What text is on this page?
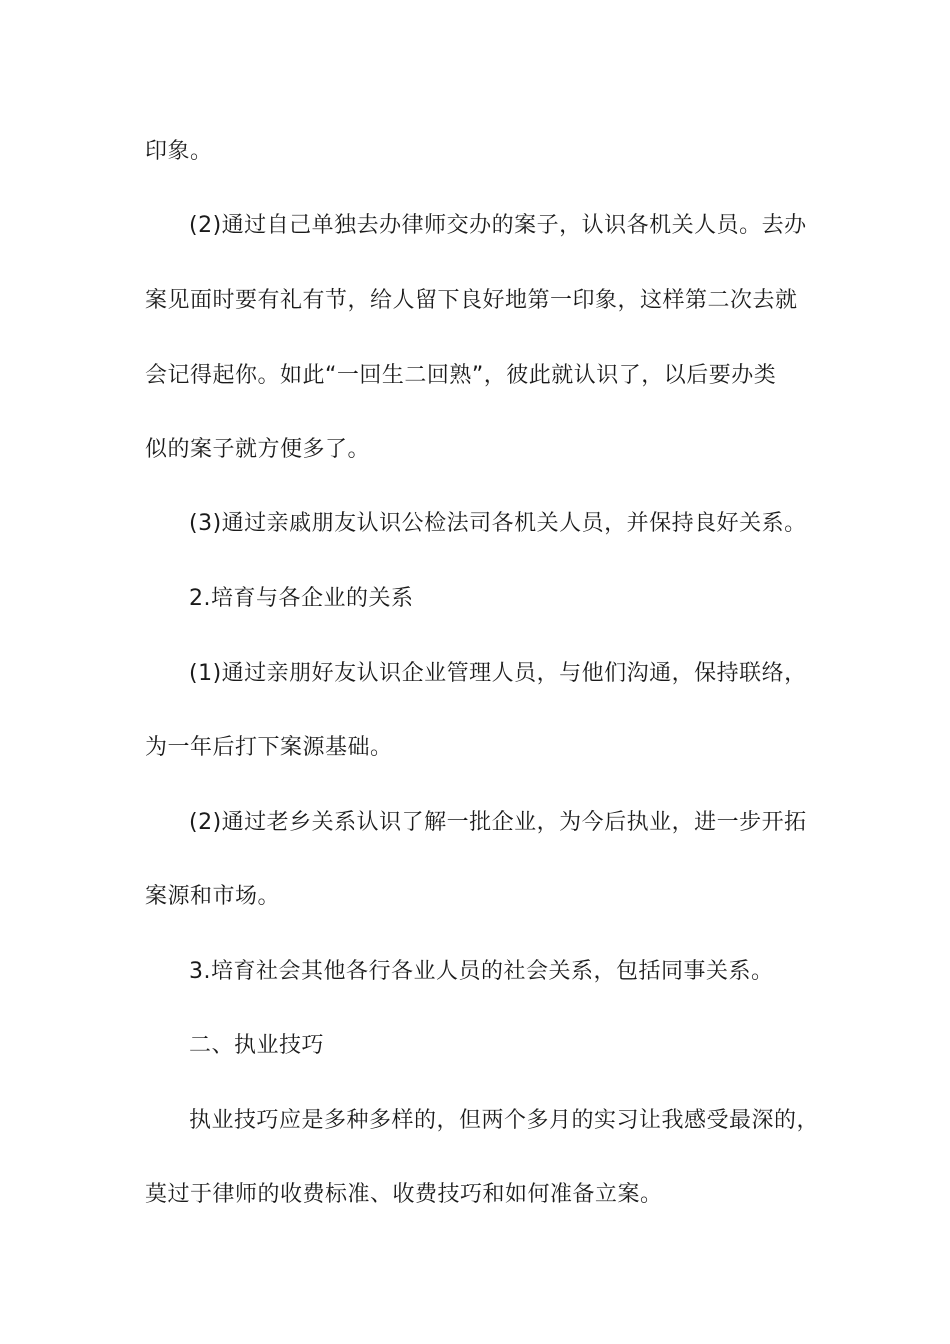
印象。
(2)通过自己单独去办律师交办的案子，认识各机关人员。去办
案见面时要有礼有节，给人留下良好地第一印象，这样第二次去就
会记得起你。如此“一回生二回熟”，彼此就认识了，以后要办类
似的案子就方便多了。
(3)通过亲戚朋友认识公检法司各机关人员，并保持良好关系。
2.培育与各企业的关系
(1)通过亲朋好友认识企业管理人员，与他们沟通，保持联络，
为一年后打下案源基础。
(2)通过老乡关系认识了解一批企业，为今后执业，进一步开拓
案源和市场。
3.培育社会其他各行各业人员的社会关系，包括同事关系。
二、执业技巧
执业技巧应是多种多样的，但两个多月的实习让我感受最深的，
莫过于律师的收费标准、收费技巧和如何准备立案。
